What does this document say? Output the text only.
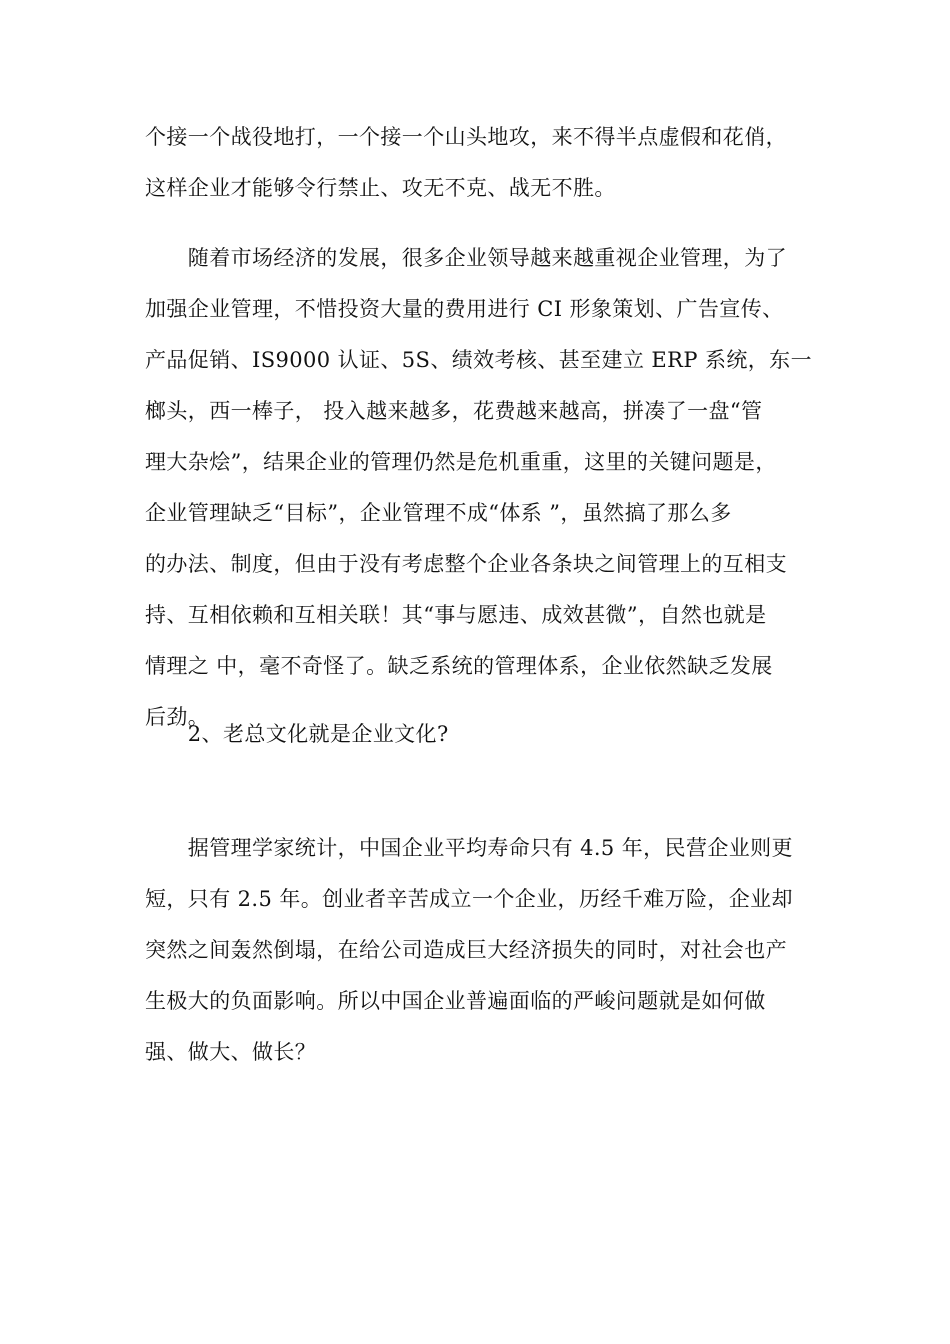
个接一个战役地打，一个接一个山头地攻，来不得半点虚假和花俏，
这样企业才能够令行禁止、攻无不克、战无不胜。
　　随着市场经济的发展，很多企业领导越来越重视企业管理，为了
加强企业管理，不惜投资大量的费用进行 CI 形象策划、广告宣传、
产品促销、IS9000 认证、5S、绩效考核、甚至建立 ERP 系统，东一
榔头，西一棒子， 投入越来越多，花费越来越高，拼凑了一盘“管
理大杂烩”，结果企业的管理仍然是危机重重，这里的关键问题是，
企业管理缺乏“目标”，企业管理不成“体系 ”，虽然搞了那么多
的办法、制度，但由于没有考虑整个企业各条块之间管理上的互相支
持、互相依赖和互相关联！其“事与愿违、成效甚微”，自然也就是
情理之 中，毫不奇怪了。缺乏系统的管理体系，企业依然缺乏发展
后劲。
　　2、老总文化就是企业文化?
　　据管理学家统计，中国企业平均寿命只有 4.5 年，民营企业则更
短，只有 2.5 年。创业者辛苦成立一个企业，历经千难万险，企业却
突然之间轰然倒塌，在给公司造成巨大经济损失的同时，对社会也产
生极大的负面影响。所以中国企业普遍面临的严峻问题就是如何做
强、做大、做长？
